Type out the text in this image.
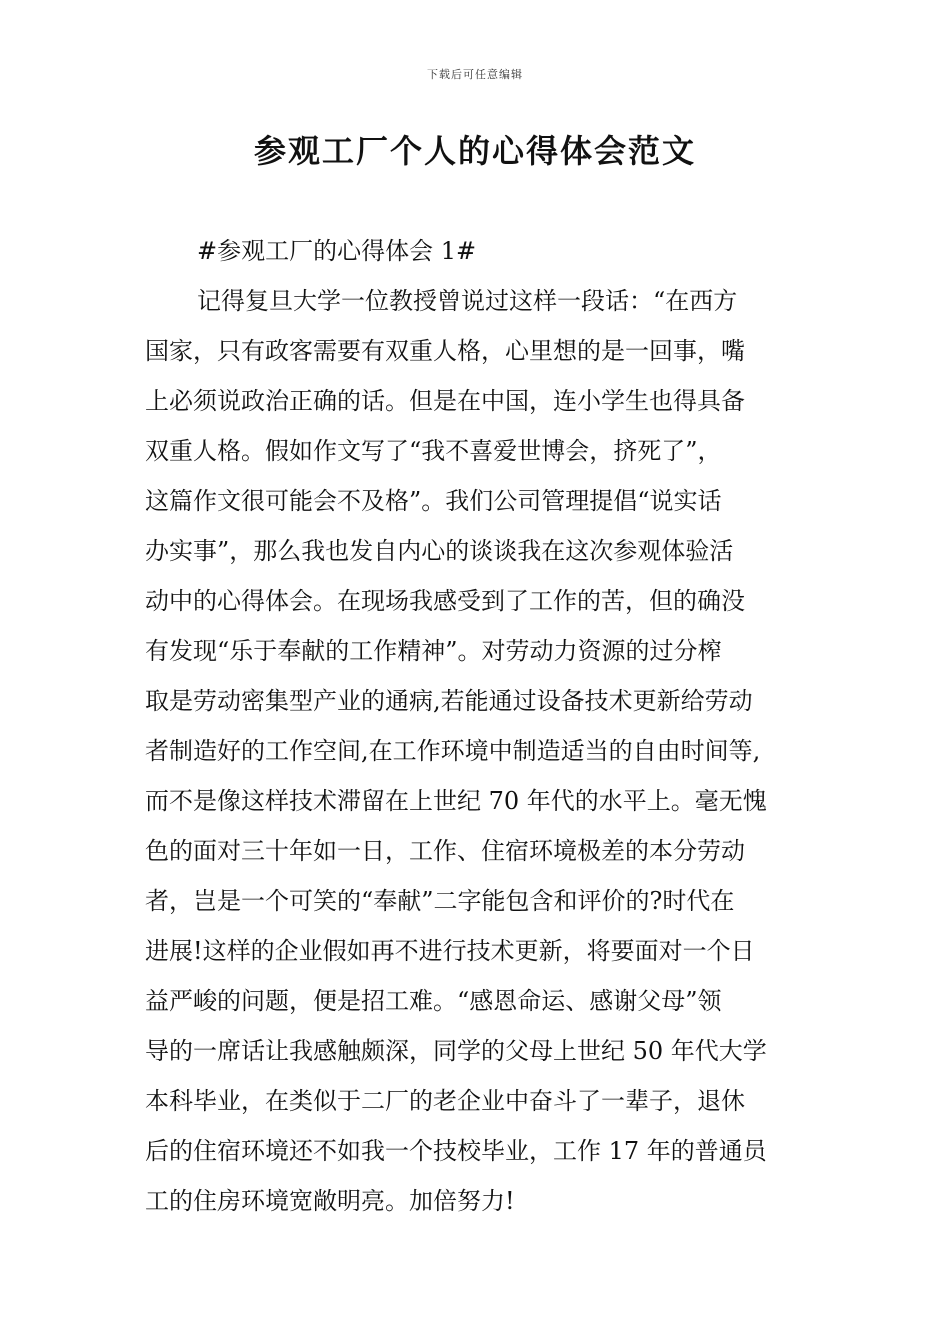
下载后可任意编辑
参观工厂个人的心得体会范文
#参观工厂的心得体会 1#
记得复旦大学一位教授曾说过这样一段话：“在西方
国家，只有政客需要有双重人格，心里想的是一回事，嘴
上必须说政治正确的话。但是在中国，连小学生也得具备
双重人格。假如作文写了“我不喜爱世博会，挤死了”，
这篇作文很可能会不及格”。我们公司管理提倡“说实话
办实事”，那么我也发自内心的谈谈我在这次参观体验活
动中的心得体会。在现场我感受到了工作的苦，但的确没
有发现“乐于奉献的工作精神”。对劳动力资源的过分榨
取是劳动密集型产业的通病,若能通过设备技术更新给劳动
者制造好的工作空间,在工作环境中制造适当的自由时间等,
而不是像这样技术滞留在上世纪 70 年代的水平上。毫无愧
色的面对三十年如一日，工作、住宿环境极差的本分劳动
者，岂是一个可笑的“奉献”二字能包含和评价的?时代在
进展!这样的企业假如再不进行技术更新，将要面对一个日
益严峻的问题，便是招工难。“感恩命运、感谢父母”领
导的一席话让我感触颇深，同学的父母上世纪 50 年代大学
本科毕业，在类似于二厂的老企业中奋斗了一辈子，退休
后的住宿环境还不如我一个技校毕业，工作 17 年的普通员
工的住房环境宽敞明亮。加倍努力!
